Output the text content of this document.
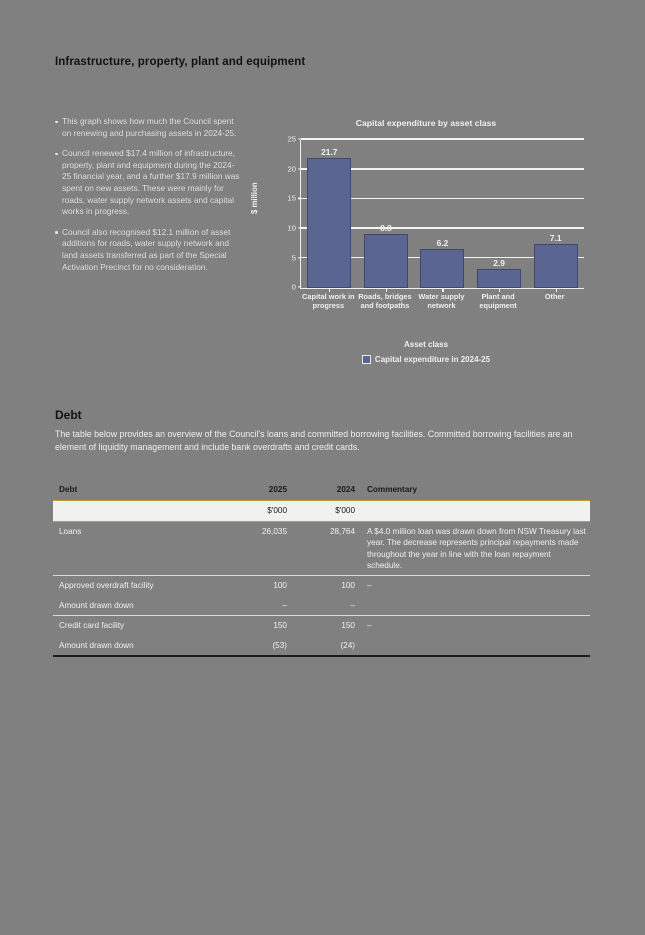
Infrastructure, property, plant and equipment
This graph shows how much the Council spent on renewing and purchasing assets in 2024-25.
Council renewed $17.4 million of infrastructure, property, plant and equipment during the 2024-25 financial year, and a further $17.9 million was spent on new assets. These were mainly for roads, water supply network assets and capital works in progress.
Council also recognised $12.1 million of asset additions for roads, water supply network and land assets transferred as part of the Special Activation Precinct for no consideration.
Capital expenditure by asset class
$ million
25
20
15
10
5
0
21.7
8.8
6.2
2.9
7.1
Capital work in progress
Roads, bridges and footpaths
Water supply network
Plant and equipment
Other
Asset class
Capital expenditure in 2024-25
Debt
The table below provides an overview of the Council's loans and committed borrowing facilities. Committed borrowing facilities are an element of liquidity management and include bank overdrafts and credit cards.
Debt	2025	2024	Commentary
	$'000	$'000	
Loans	26,035	28,764	A $4.0 million loan was drawn down from NSW Treasury last year. The decrease represents principal repayments made throughout the year in line with the loan repayment schedule.
Approved overdraft facility	100	100	–
Amount drawn down	–	–	
Credit card facility	150	150	–
Amount drawn down	(53)	(24)	
